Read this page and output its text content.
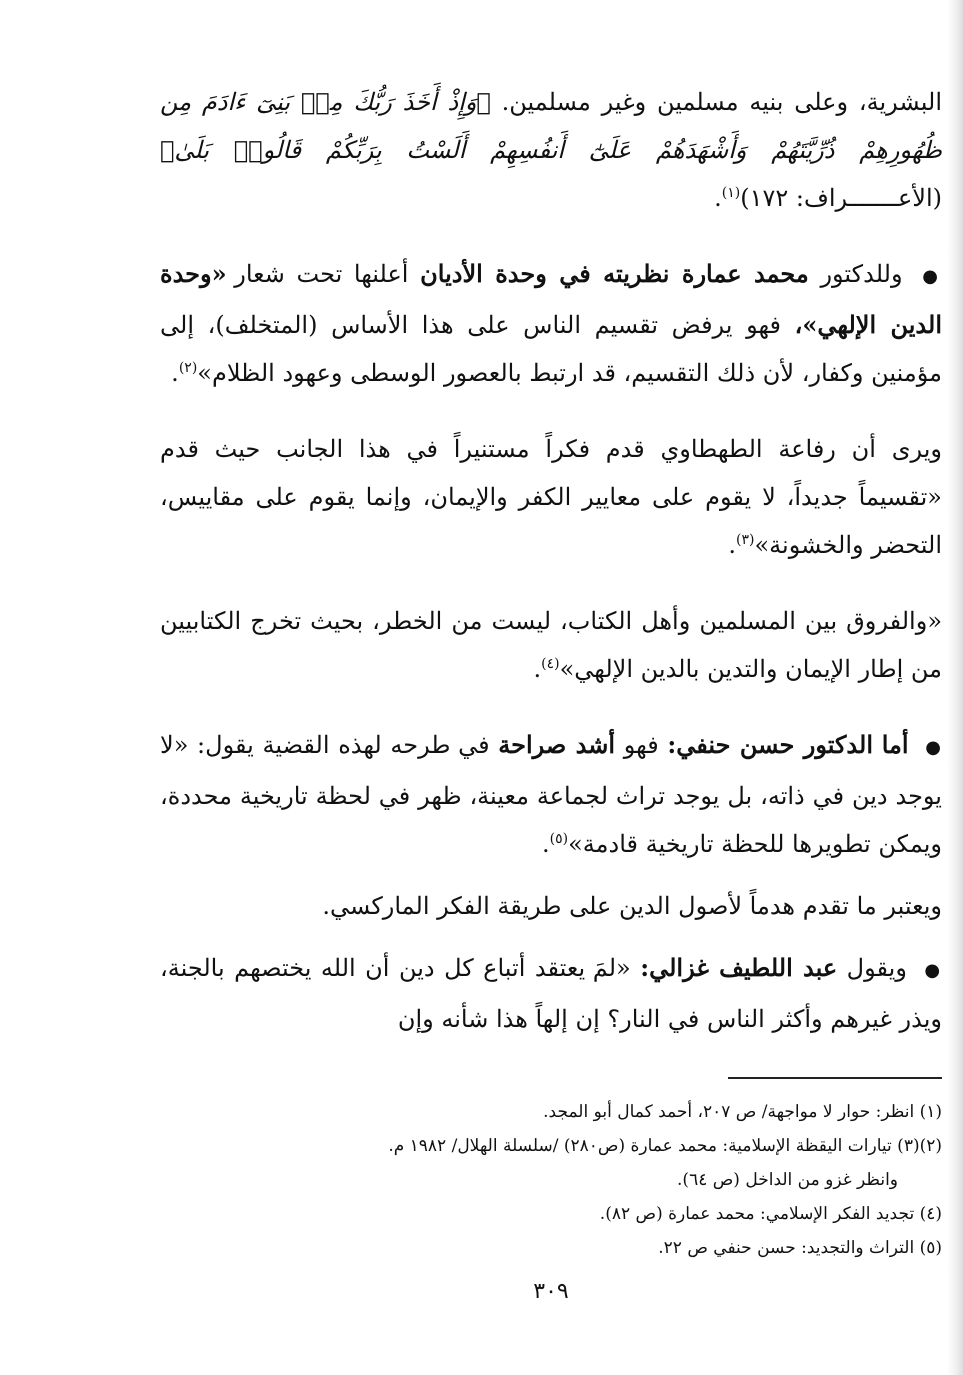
البشرية، وعلى بنيه مسلمين وغير مسلمين. ﴿وَإِذْ أَخَذَ رَبُّكَ مِنۢ بَنِىٓ ءَادَمَ مِن ظُهُورِهِمْ ذُرِّيَّتَهُمْ وَأَشْهَدَهُمْ عَلَىٰٓ أَنفُسِهِمْ أَلَسْتُ بِرَبِّكُمْ قَالُوا۟ بَلَىٰ﴾ (الأعـــــــراف: ١٧٢)$^{(١)}$.

● وللدكتور محمد عمارة نظريته في وحدة الأديان أعلنها تحت شعار «وحدة الدين الإلهي»، فهو يرفض تقسيم الناس على هذا الأساس (المتخلف)، إلى مؤمنين وكفار، لأن ذلك التقسيم، قد ارتبط بالعصور الوسطى وعهود الظلام»$^{(٢)}$.

ويرى أن رفاعة الطهطاوي قدم فكراً مستنيراً في هذا الجانب حيث قدم «تقسيماً جديداً، لا يقوم على معايير الكفر والإيمان، وإنما يقوم على مقاييس، التحضر والخشونة»$^{(٣)}$.

«والفروق بين المسلمين وأهل الكتاب، ليست من الخطر، بحيث تخرج الكتابيين من إطار الإيمان والتدين بالدين الإلهي»$^{(٤)}$.

● أما الدكتور حسن حنفي: فهو أشد صراحة في طرحه لهذه القضية يقول: «لا يوجد دين في ذاته، بل يوجد تراث لجماعة معينة، ظهر في لحظة تاريخية محددة، ويمكن تطويرها للحظة تاريخية قادمة»$^{(٥)}$.

ويعتبر ما تقدم هدماً لأصول الدين على طريقة الفكر الماركسي.

● ويقول عبد اللطيف غزالي: «لمَ يعتقد أتباع كل دين أن الله يختصهم بالجنة، ويذر غيرهم وأكثر الناس في النار؟ إن إلهاً هذا شأنه وإن

(١) انظر: حوار لا مواجهة/ ص ٢٠٧، أحمد كمال أبو المجد.
(٢)(٣) تيارات اليقظة الإسلامية: محمد عمارة (ص٢٨٠) /سلسلة الهلال/ ١٩٨٢ م.
وانظر غزو من الداخل (ص ٦٤).
(٤) تجديد الفكر الإسلامي: محمد عمارة (ص ٨٢).
(٥) التراث والتجديد: حسن حنفي ص ٢٢.
٣٠٩
